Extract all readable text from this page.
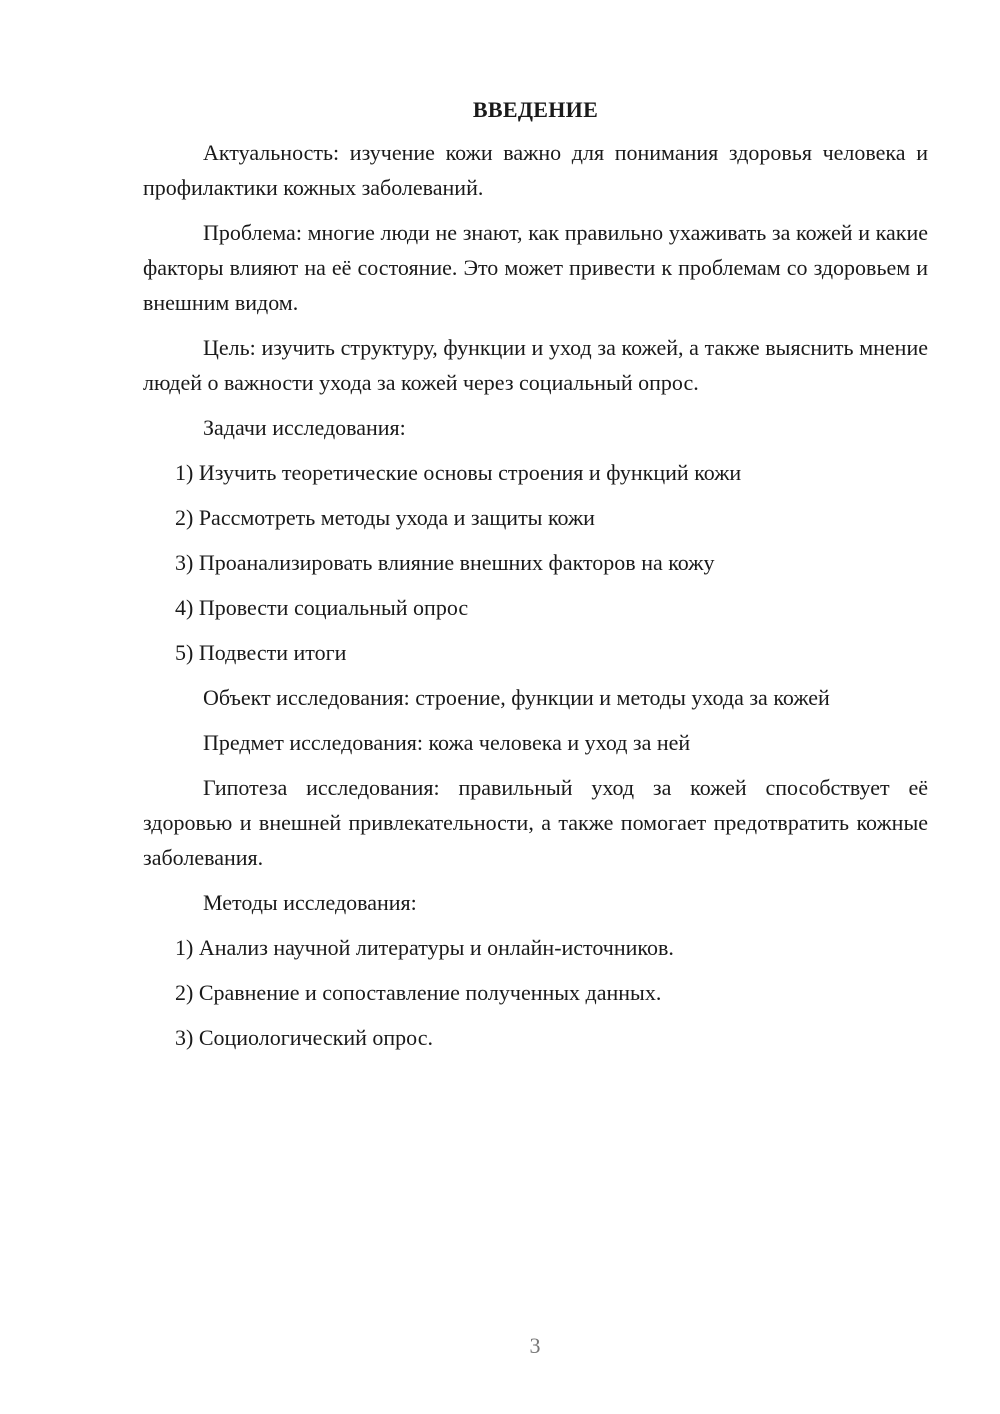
ВВЕДЕНИЕ

Актуальность: изучение кожи важно для понимания здоровья человека и профилактики кожных заболеваний.

Проблема: многие люди не знают, как правильно ухаживать за кожей и какие факторы влияют на её состояние. Это может привести к проблемам со здоровьем и внешним видом.

Цель: изучить структуру, функции и уход за кожей, а также выяснить мнение людей о важности ухода за кожей через социальный опрос.

Задачи исследования:

1) Изучить теоретические основы строения и функций кожи
2) Рассмотреть методы ухода и защиты кожи
3) Проанализировать влияние внешних факторов на кожу
4) Провести социальный опрос
5) Подвести итоги

Объект исследования: строение, функции и методы ухода за кожей

Предмет исследования: кожа человека и уход за ней

Гипотеза исследования: правильный уход за кожей способствует её здоровью и внешней привлекательности, а также помогает предотвратить кожные заболевания.

Методы исследования:

1) Анализ научной литературы и онлайн-источников.
2) Сравнение и сопоставление полученных данных.
3) Социологический опрос.
3
